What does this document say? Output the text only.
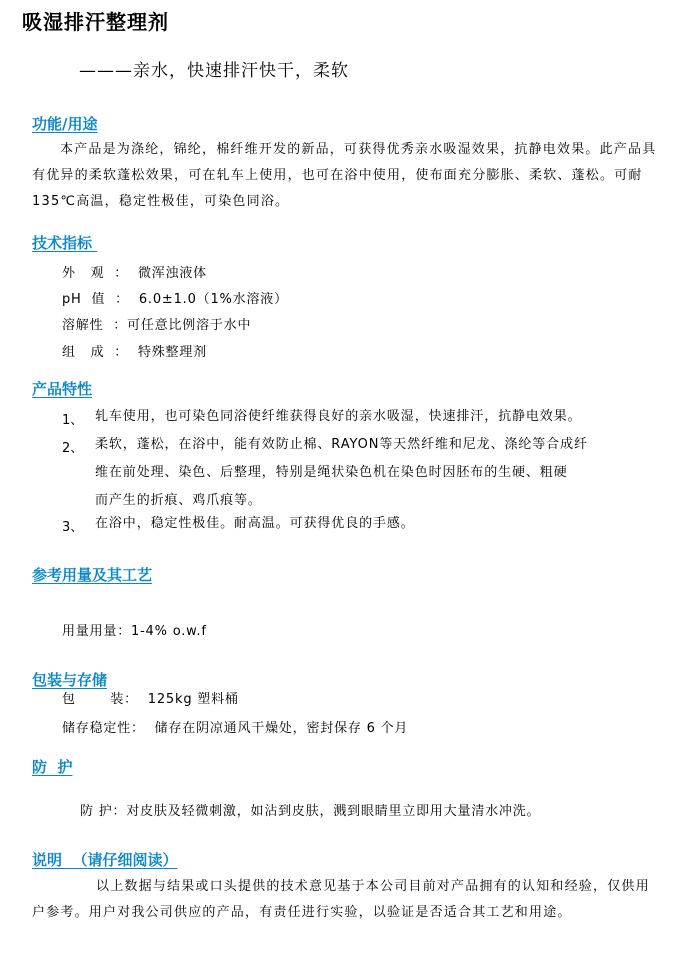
吸湿排汗整理剂
———亲水，快速排汗快干，柔软
功能/用途
本产品是为涤纶，锦纶，棉纤维开发的新品，可获得优秀亲水吸湿效果，抗静电效果。此产品具有优异的柔软蓬松效果，可在轧车上使用，也可在浴中使用，使布面充分膨胀、柔软、蓬松。可耐135℃高温，稳定性极佳，可染色同浴。
技术指标
外   观  ：  微浑浊液体
pH  值  ：  6.0±1.0（1%水溶液）
溶解性  ：可任意比例溶于水中
组   成  ：  特殊整理剂
产品特性
1、 轧车使用，也可染色同浴使纤维获得良好的亲水吸湿，快速排汗，抗静电效果。
2、 柔软，蓬松，在浴中，能有效防止棉、RAYON等天然纤维和尼龙、涤纶等合成纤
维在前处理、染色、后整理，特别是绳状染色机在染色时因胚布的生硬、粗硬
而产生的折痕、鸡爪痕等。
3、 在浴中，稳定性极佳。耐高温。可获得优良的手感。
参考用量及其工艺
用量用量：1-4% o.w.f
包装与存储
包       装：  125kg 塑料桶
储存稳定性：  储存在阴凉通风干燥处，密封保存 6 个月
防  护
防 护：对皮肤及轻微刺激，如沾到皮肤，溅到眼睛里立即用大量清水冲洗。
说明  （请仔细阅读）
以上数据与结果或口头提供的技术意见基于本公司目前对产品拥有的认知和经验，仅供用户参考。用户对我公司供应的产品，有责任进行实验，以验证是否适合其工艺和用途。
